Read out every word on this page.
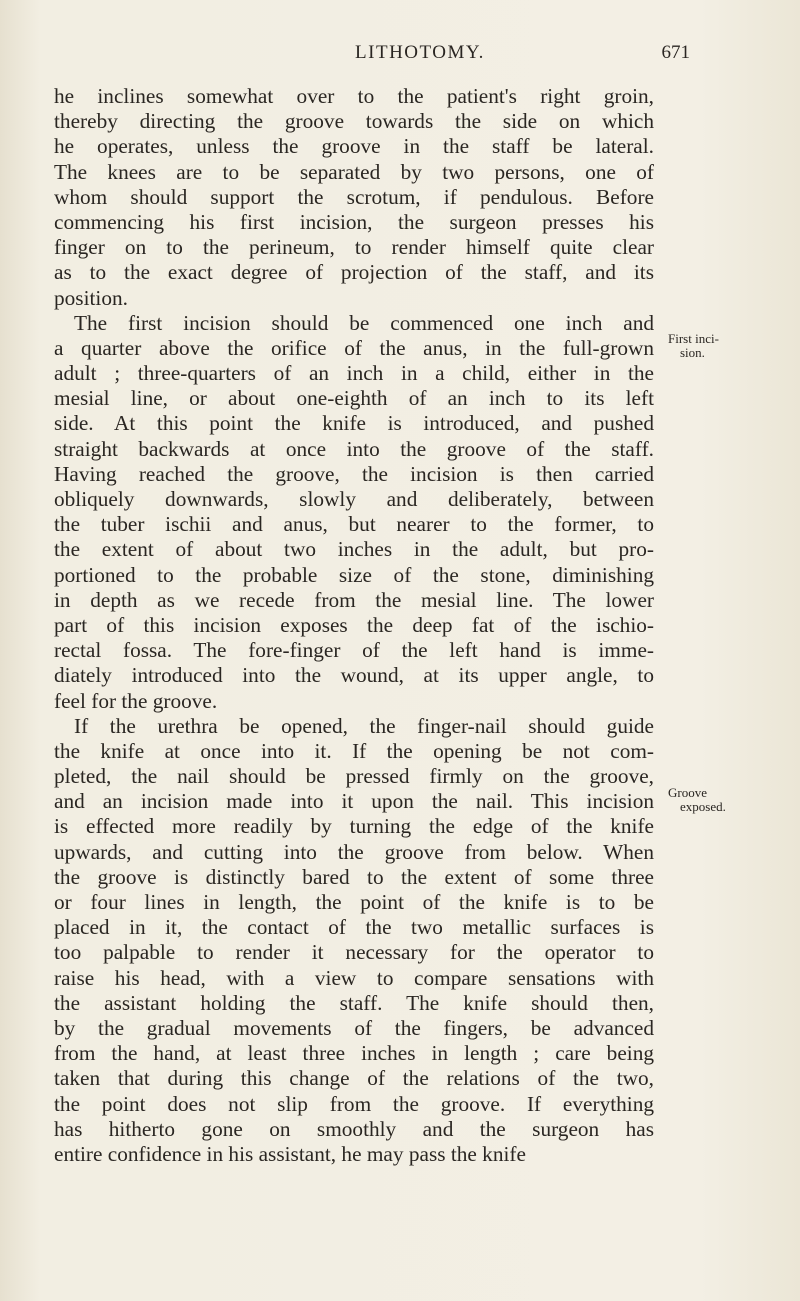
LITHOTOMY.	671
he inclines somewhat over to the patient's right groin,
thereby directing the groove towards the side on which
he operates, unless the groove in the staff be lateral.
The knees are to be separated by two persons, one of
whom should support the scrotum, if pendulous. Before
commencing his first incision, the surgeon presses his
finger on to the perineum, to render himself quite clear
as to the exact degree of projection of the staff, and its
position.
The first incision should be commenced one inch and
a quarter above the orifice of the anus, in the full-grown
adult ; three-quarters of an inch in a child, either in the
mesial line, or about one-eighth of an inch to its left
side. At this point the knife is introduced, and pushed
straight backwards at once into the groove of the staff.
Having reached the groove, the incision is then carried
obliquely downwards, slowly and deliberately, between
the tuber ischii and anus, but nearer to the former, to
the extent of about two inches in the adult, but pro-
portioned to the probable size of the stone, diminishing
in depth as we recede from the mesial line. The lower
part of this incision exposes the deep fat of the ischio-
rectal fossa. The fore-finger of the left hand is imme-
diately introduced into the wound, at its upper angle, to
feel for the groove.
If the urethra be opened, the finger-nail should guide
the knife at once into it. If the opening be not com-
pleted, the nail should be pressed firmly on the groove,
and an incision made into it upon the nail. This incision
is effected more readily by turning the edge of the knife
upwards, and cutting into the groove from below. When
the groove is distinctly bared to the extent of some three
or four lines in length, the point of the knife is to be
placed in it, the contact of the two metallic surfaces is
too palpable to render it necessary for the operator to
raise his head, with a view to compare sensations with
the assistant holding the staff. The knife should then,
by the gradual movements of the fingers, be advanced
from the hand, at least three inches in length ; care being
taken that during this change of the relations of the two,
the point does not slip from the groove. If everything
has hitherto gone on smoothly and the surgeon has
entire confidence in his assistant, he may pass the knife
First inci-
sion.
Groove
exposed.
